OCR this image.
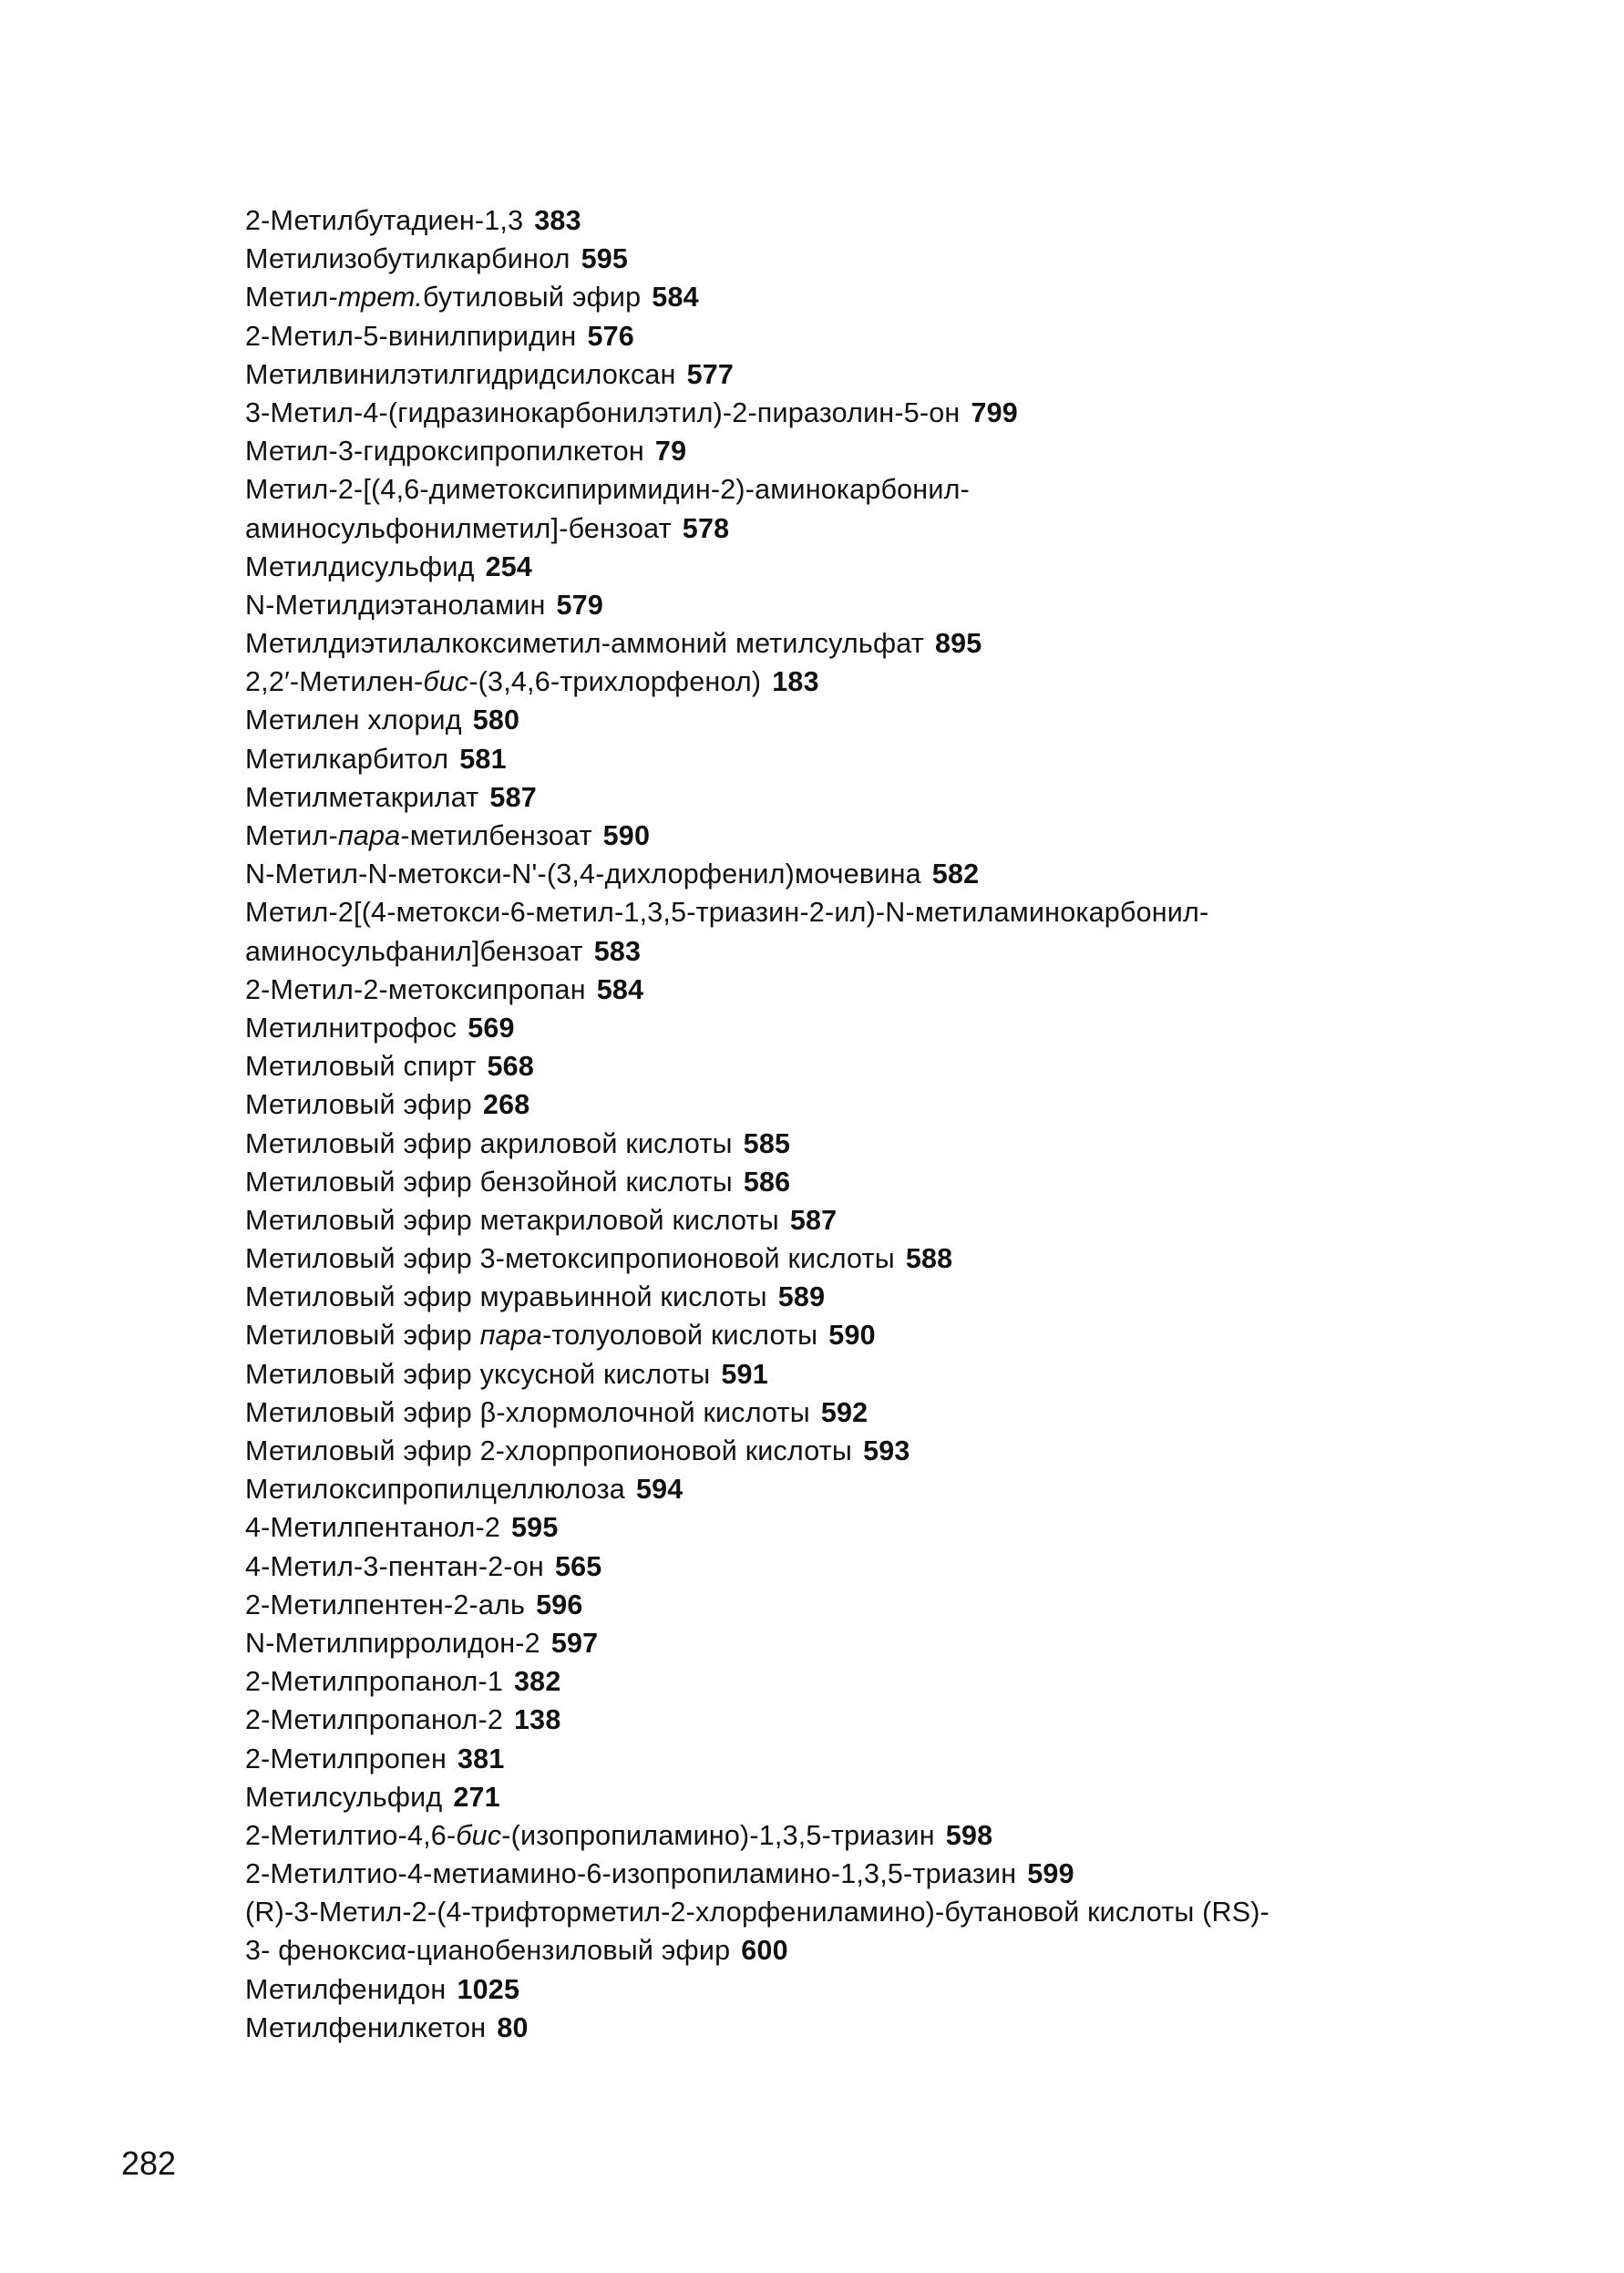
2-Метилбутадиен-1,3 383
Метилизобутилкарбинол 595
Метил-трет.бутиловый эфир 584
2-Метил-5-винилпиридин 576
Метилвинилэтилгидридсилоксан 577
3-Метил-4-(гидразинокарбонилэтил)-2-пиразолин-5-он 799
Метил-3-гидроксипропилкетон 79
Метил-2-[(4,6-диметоксипиримидин-2)-аминокарбонил-
аминосульфонилметил]-бензоат 578
Метилдисульфид 254
N-Метилдиэтаноламин 579
Метилдиэтилалкоксиметил-аммоний метилсульфат 895
2,2′-Метилен-бис-(3,4,6-трихлорфенол) 183
Метилен хлорид 580
Метилкарбитол 581
Метилметакрилат 587
Метил-пара-метилбензоат 590
N-Метил-N-метокси-N'-(3,4-дихлорфенил)мочевина 582
Метил-2[(4-метокси-6-метил-1,3,5-триазин-2-ил)-N-метиламинокарбонил-
аминосульфанил]бензоат 583
2-Метил-2-метоксипропан 584
Метилнитрофос 569
Метиловый спирт 568
Метиловый эфир 268
Метиловый эфир акриловой кислоты 585
Метиловый эфир бензойной кислоты 586
Метиловый эфир метакриловой кислоты 587
Метиловый эфир 3-метоксипропионовой кислоты 588
Метиловый эфир муравьинной кислоты 589
Метиловый эфир пара-толуоловой кислоты 590
Метиловый эфир уксусной кислоты 591
Метиловый эфир β-хлормолочной кислоты 592
Метиловый эфир 2-хлорпропионовой кислоты 593
Метилоксипропилцеллюлоза 594
4-Метилпентанол-2 595
4-Метил-3-пентан-2-он 565
2-Метилпентен-2-аль 596
N-Метилпирролидон-2 597
2-Метилпропанол-1 382
2-Метилпропанол-2 138
2-Метилпропен 381
Метилсульфид 271
2-Метилтио-4,6-бис-(изопропиламино)-1,3,5-триазин 598
2-Метилтио-4-метиамино-6-изопропиламино-1,3,5-триазин 599
(R)-3-Метил-2-(4-трифторметил-2-хлорфениламино)-бутановой кислоты (RS)-
3- феноксиα-цианобензиловый эфир 600
Метилфенидон 1025
Метилфенилкетон 80
282
